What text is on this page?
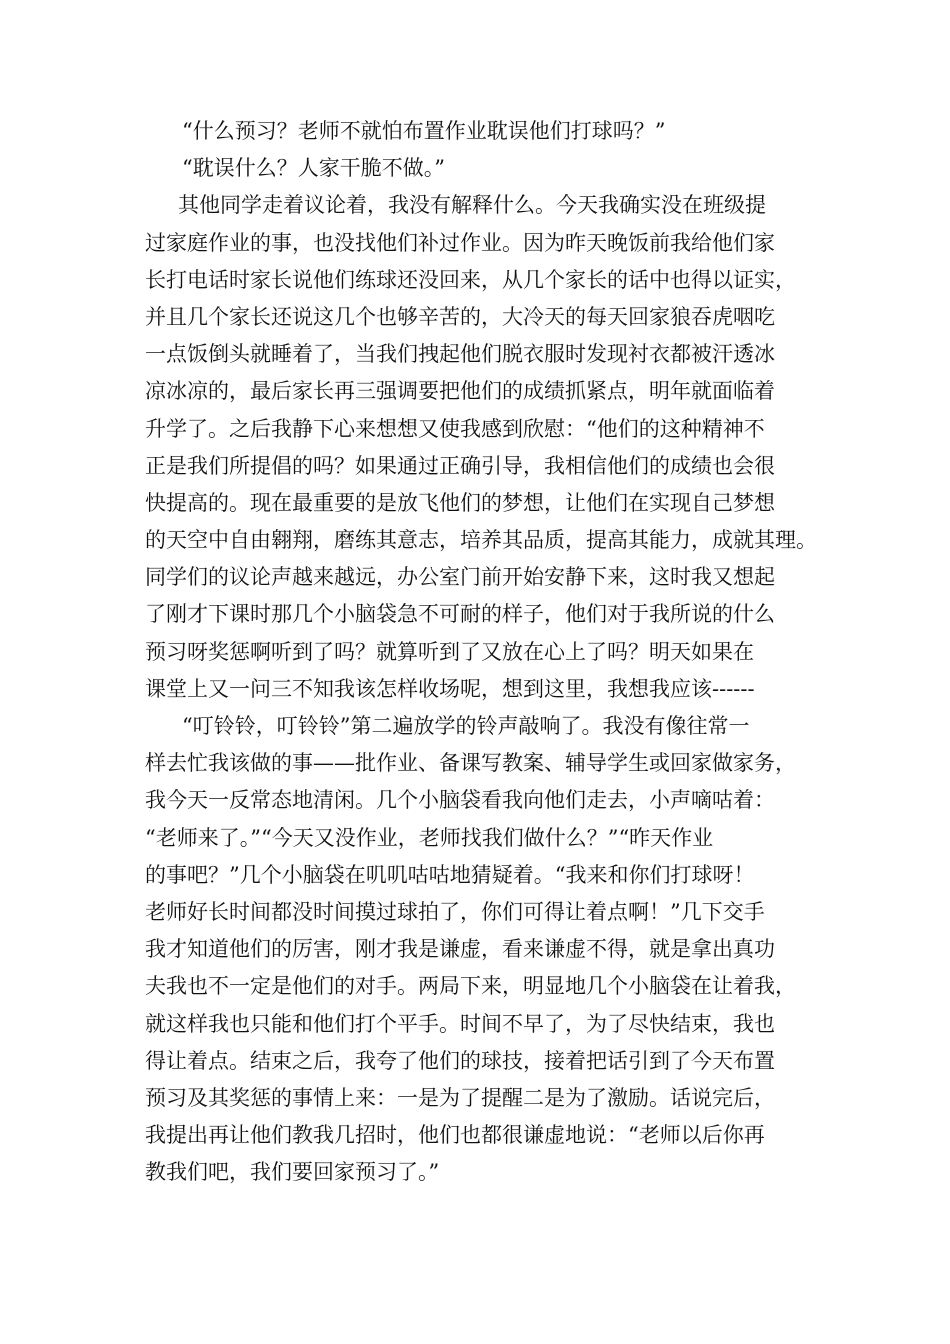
“什么预习？老师不就怕布置作业耽误他们打球吗？”
“耽误什么？人家干脆不做。”
其他同学走着议论着，我没有解释什么。今天我确实没在班级提
过家庭作业的事，也没找他们补过作业。因为昨天晚饭前我给他们家
长打电话时家长说他们练球还没回来，从几个家长的话中也得以证实，
并且几个家长还说这几个也够辛苦的，大冷天的每天回家狼吞虎咽吃
一点饭倒头就睡着了，当我们拽起他们脱衣服时发现衬衣都被汗透冰
凉冰凉的，最后家长再三强调要把他们的成绩抓紧点，明年就面临着
升学了。之后我静下心来想想又使我感到欣慰：“他们的这种精神不
正是我们所提倡的吗？如果通过正确引导，我相信他们的成绩也会很
快提高的。现在最重要的是放飞他们的梦想，让他们在实现自己梦想
的天空中自由翱翔，磨练其意志，培养其品质，提高其能力，成就其理。
同学们的议论声越来越远，办公室门前开始安静下来，这时我又想起
了刚才下课时那几个小脑袋急不可耐的样子，他们对于我所说的什么
预习呀奖惩啊听到了吗？就算听到了又放在心上了吗？明天如果在
课堂上又一问三不知我该怎样收场呢，想到这里，我想我应该------
“叮铃铃，叮铃铃”第二遍放学的铃声敲响了。我没有像往常一
样去忙我该做的事——批作业、备课写教案、辅导学生或回家做家务，
我今天一反常态地清闲。几个小脑袋看我向他们走去，小声嘀咕着：
“老师来了。”“今天又没作业，老师找我们做什么？”“昨天作业
的事吧？”几个小脑袋在叽叽咕咕地猜疑着。“我来和你们打球呀！
老师好长时间都没时间摸过球拍了，你们可得让着点啊！”几下交手
我才知道他们的厉害，刚才我是谦虚，看来谦虚不得，就是拿出真功
夫我也不一定是他们的对手。两局下来，明显地几个小脑袋在让着我，
就这样我也只能和他们打个平手。时间不早了，为了尽快结束，我也
得让着点。结束之后，我夸了他们的球技，接着把话引到了今天布置
预习及其奖惩的事情上来：一是为了提醒二是为了激励。话说完后，
我提出再让他们教我几招时，他们也都很谦虚地说：“老师以后你再
教我们吧，我们要回家预习了。”
